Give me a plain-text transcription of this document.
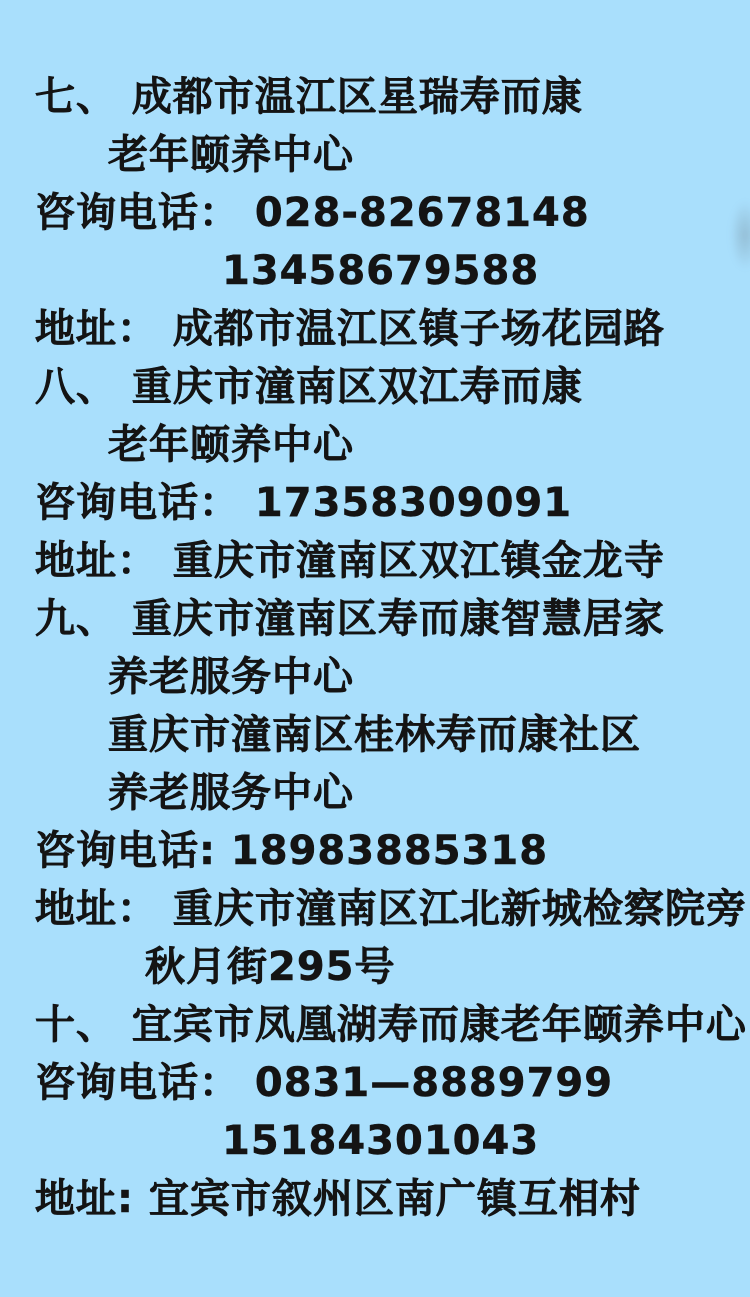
七、 成都市温江区星瑞寿而康
老年颐养中心
咨询电话： 028-82678148
13458679588
地址： 成都市温江区镇子场花园路
八、 重庆市潼南区双江寿而康
老年颐养中心
咨询电话： 17358309091
地址： 重庆市潼南区双江镇金龙寺
九、 重庆市潼南区寿而康智慧居家
养老服务中心
重庆市潼南区桂林寿而康社区
养老服务中心
咨询电话: 18983885318
地址： 重庆市潼南区江北新城检察院旁
秋月街295号
十、 宜宾市凤凰湖寿而康老年颐养中心
咨询电话： 0831—8889799
15184301043
地址: 宜宾市叙州区南广镇互相村
